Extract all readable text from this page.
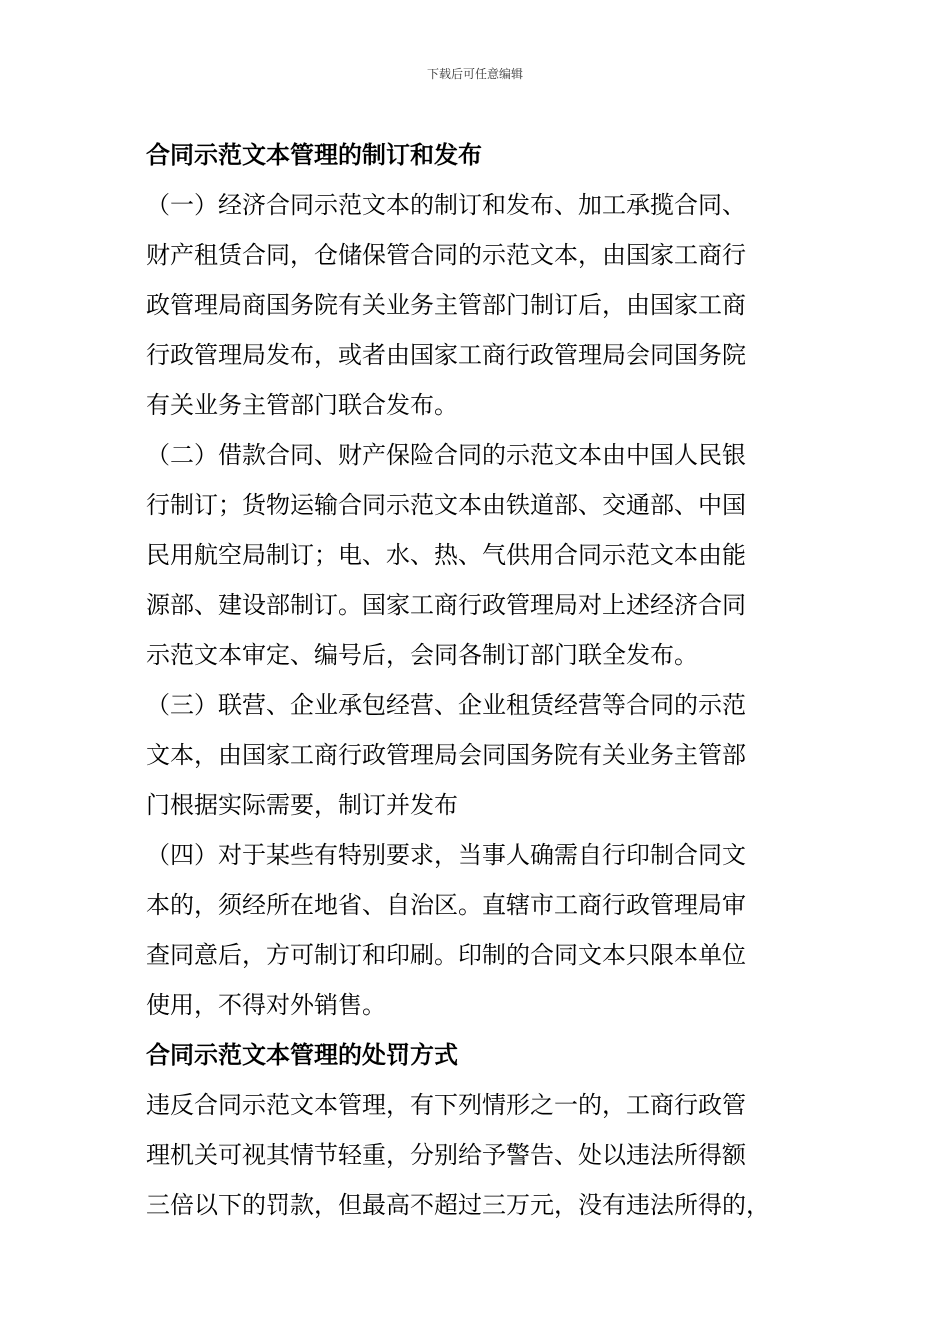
下载后可任意编辑
合同示范文本管理的制订和发布
（一）经济合同示范文本的制订和发布、加工承揽合同、
财产租赁合同，仓储保管合同的示范文本，由国家工商行
政管理局商国务院有关业务主管部门制订后，由国家工商
行政管理局发布，或者由国家工商行政管理局会同国务院
有关业务主管部门联合发布。
（二）借款合同、财产保险合同的示范文本由中国人民银
行制订；货物运输合同示范文本由铁道部、交通部、中国
民用航空局制订；电、水、热、气供用合同示范文本由能
源部、建设部制订。国家工商行政管理局对上述经济合同
示范文本审定、编号后，会同各制订部门联全发布。
（三）联营、企业承包经营、企业租赁经营等合同的示范
文本，由国家工商行政管理局会同国务院有关业务主管部
门根据实际需要，制订并发布
（四）对于某些有特别要求，当事人确需自行印制合同文
本的，须经所在地省、自治区。直辖市工商行政管理局审
查同意后，方可制订和印刷。印制的合同文本只限本单位
使用，不得对外销售。
合同示范文本管理的处罚方式
违反合同示范文本管理，有下列情形之一的，工商行政管
理机关可视其情节轻重，分别给予警告、处以违法所得额
三倍以下的罚款，但最高不超过三万元，没有违法所得的，
